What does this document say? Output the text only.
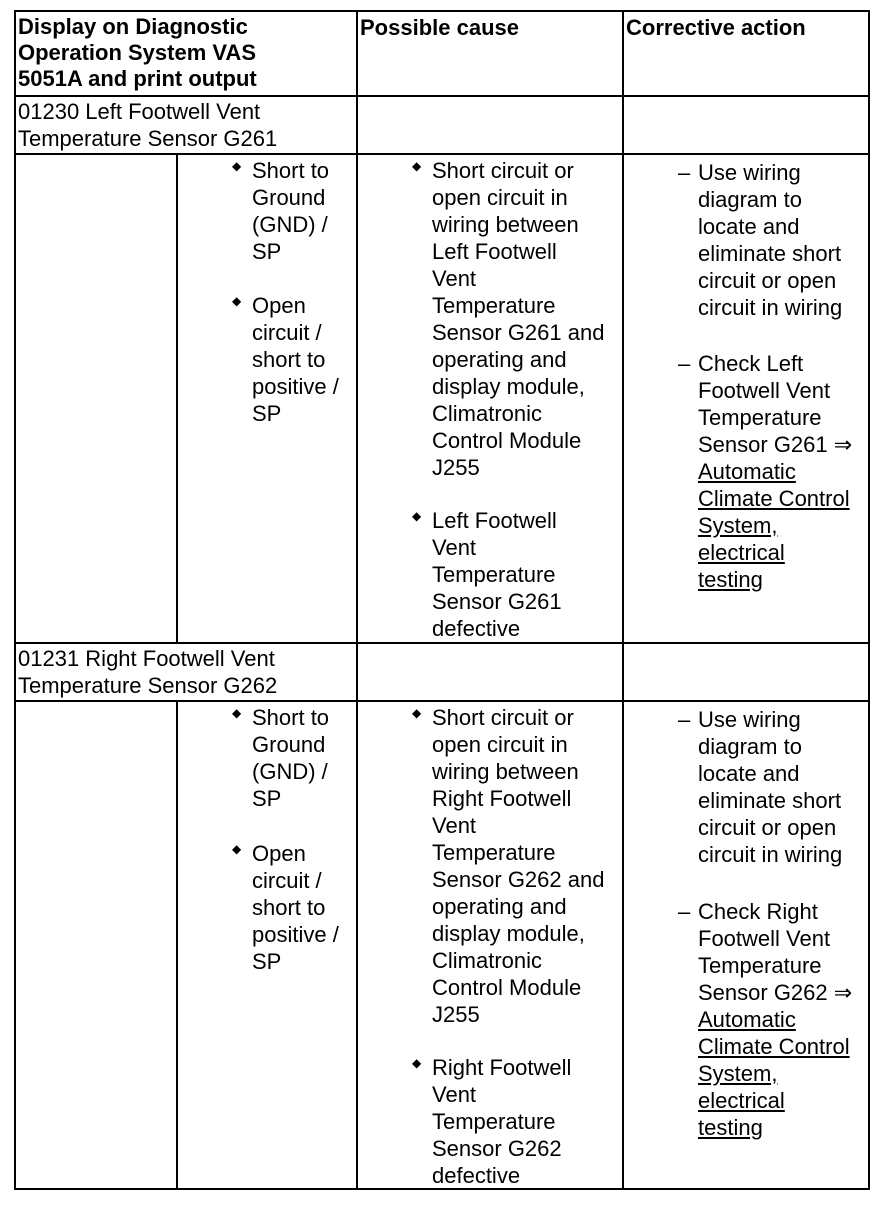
Display on Diagnostic
Operation System VAS
5051A and print output
Possible cause	Corrective action
01230 Left Footwell Vent
Temperature Sensor G261
◆ Short to
Ground
(GND) /
SP
◆ Open
circuit /
short to
positive /
SP
◆ Short circuit or
open circuit in
wiring between
Left Footwell
Vent
Temperature
Sensor G261 and
operating and
display module,
Climatronic
Control Module
J255
◆ Left Footwell
Vent
Temperature
Sensor G261
defective
– Use wiring
diagram to
locate and
eliminate short
circuit or open
circuit in wiring
– Check Left
Footwell Vent
Temperature
Sensor G261 ⇒
Automatic
Climate Control
System,
electrical
testing
01231 Right Footwell Vent
Temperature Sensor G262
◆ Short to
Ground
(GND) /
SP
◆ Open
circuit /
short to
positive /
SP
◆ Short circuit or
open circuit in
wiring between
Right Footwell
Vent
Temperature
Sensor G262 and
operating and
display module,
Climatronic
Control Module
J255
◆ Right Footwell
Vent
Temperature
Sensor G262
defective
– Use wiring
diagram to
locate and
eliminate short
circuit or open
circuit in wiring
– Check Right
Footwell Vent
Temperature
Sensor G262 ⇒
Automatic
Climate Control
System,
electrical
testing
